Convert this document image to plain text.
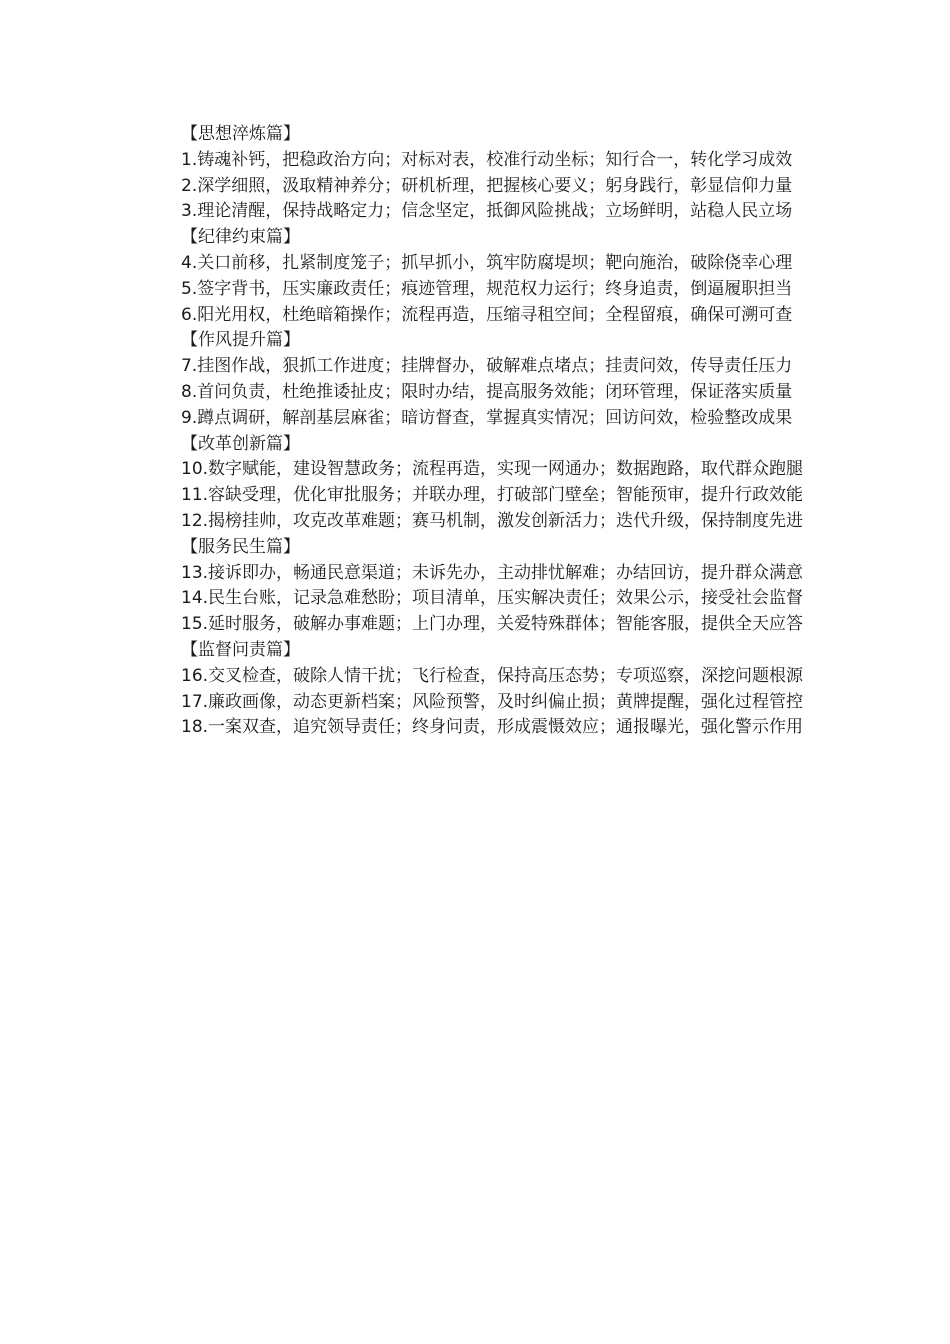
【思想淬炼篇】

1.铸魂补钙，把稳政治方向；对标对表，校准行动坐标；知行合一，转化学习成效

2.深学细照，汲取精神养分；研机析理，把握核心要义；躬身践行，彰显信仰力量

3.理论清醒，保持战略定力；信念坚定，抵御风险挑战；立场鲜明，站稳人民立场

【纪律约束篇】

4.关口前移，扎紧制度笼子；抓早抓小，筑牢防腐堤坝；靶向施治，破除侥幸心理

5.签字背书，压实廉政责任；痕迹管理，规范权力运行；终身追责，倒逼履职担当

6.阳光用权，杜绝暗箱操作；流程再造，压缩寻租空间；全程留痕，确保可溯可查

【作风提升篇】

7.挂图作战，狠抓工作进度；挂牌督办，破解难点堵点；挂责问效，传导责任压力

8.首问负责，杜绝推诿扯皮；限时办结，提高服务效能；闭环管理，保证落实质量

9.蹲点调研，解剖基层麻雀；暗访督查，掌握真实情况；回访问效，检验整改成果

【改革创新篇】

10.数字赋能，建设智慧政务；流程再造，实现一网通办；数据跑路，取代群众跑腿

11.容缺受理，优化审批服务；并联办理，打破部门壁垒；智能预审，提升行政效能

12.揭榜挂帅，攻克改革难题；赛马机制，激发创新活力；迭代升级，保持制度先进

【服务民生篇】

13.接诉即办，畅通民意渠道；未诉先办，主动排忧解难；办结回访，提升群众满意

14.民生台账，记录急难愁盼；项目清单，压实解决责任；效果公示，接受社会监督

15.延时服务，破解办事难题；上门办理，关爱特殊群体；智能客服，提供全天应答

【监督问责篇】

16.交叉检查，破除人情干扰；飞行检查，保持高压态势；专项巡察，深挖问题根源

17.廉政画像，动态更新档案；风险预警，及时纠偏止损；黄牌提醒，强化过程管控

18.一案双查，追究领导责任；终身问责，形成震慑效应；通报曝光，强化警示作用
